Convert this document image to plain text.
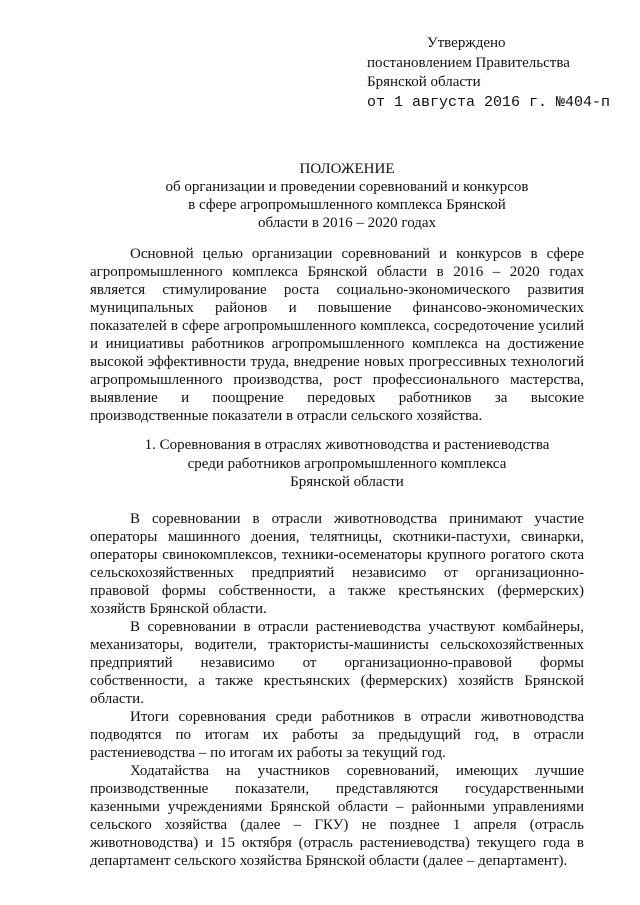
Утверждено
постановлением Правительства
Брянской области
от 1 августа 2016 г. №404-п
ПОЛОЖЕНИЕ
об организации и проведении соревнований и конкурсов
в сфере агропромышленного комплекса Брянской
области в 2016 – 2020 годах

Основной целью организации соревнований и конкурсов в сфере агропромышленного комплекса Брянской области в 2016 – 2020 годах является стимулирование роста социально-экономического развития муниципальных районов и повышение финансово-экономических показателей в сфере агропромышленного комплекса, сосредоточение усилий и инициативы работников агропромышленного комплекса на достижение высокой эффективности труда, внедрение новых прогрессивных технологий агропромышленного производства, рост профессионального мастерства, выявление и поощрение передовых работников за высокие производственные показатели в отрасли сельского хозяйства.

1. Соревнования в отраслях животноводства и растениеводства
среди работников агропромышленного комплекса
Брянской области

В соревновании в отрасли животноводства принимают участие операторы машинного доения, телятницы, скотники-пастухи, свинарки, операторы свинокомплексов, техники-осеменаторы крупного рогатого скота сельскохозяйственных предприятий независимо от организационно-правовой формы собственности, а также крестьянских (фермерских) хозяйств Брянской области.

В соревновании в отрасли растениеводства участвуют комбайнеры, механизаторы, водители, трактористы-машинисты сельскохозяйственных предприятий независимо от организационно-правовой формы собственности, а также крестьянских (фермерских) хозяйств Брянской области.

Итоги соревнования среди работников в отрасли животноводства подводятся по итогам их работы за предыдущий год, в отрасли растениеводства – по итогам их работы за текущий год.

Ходатайства на участников соревнований, имеющих лучшие производственные показатели, представляются государственными казенными учреждениями Брянской области – районными управлениями сельского хозяйства (далее – ГКУ) не позднее 1 апреля (отрасль животноводства) и 15 октября (отрасль растениеводства) текущего года в департамент сельского хозяйства Брянской области (далее – департамент).
